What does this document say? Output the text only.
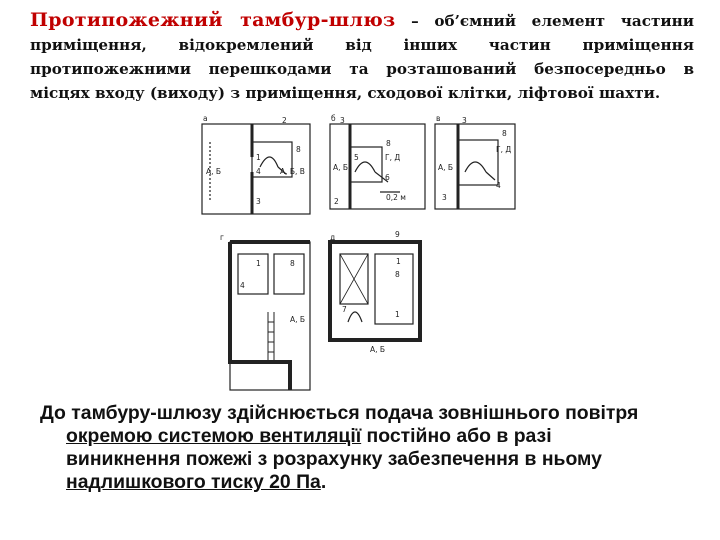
Протипожежний тамбур-шлюз – об’ємний елемент частини приміщення, відокремлений від інших частин приміщення протипожежними перешкодами та розташований безпосередньо в місцях входу (виходу) з приміщення, сходової клітки, ліфтової шахти.

а	б	в
г	д
2
8
1
4
А, Б	А, Б, В
3
3
8
5	Г, Д
А, Б
6
2	0,2 м
3
8
Г, Д
А, Б
4
3
1	8
4
А, Б
9
1
8
7
1
А, Б

До тамбуру-шлюзу здійснюється подача зовнішнього повітря
окремою системою вентиляції постійно або в разі
виникнення пожежі з розрахунку забезпечення в ньому
надлишкового тиску 20 Па.
